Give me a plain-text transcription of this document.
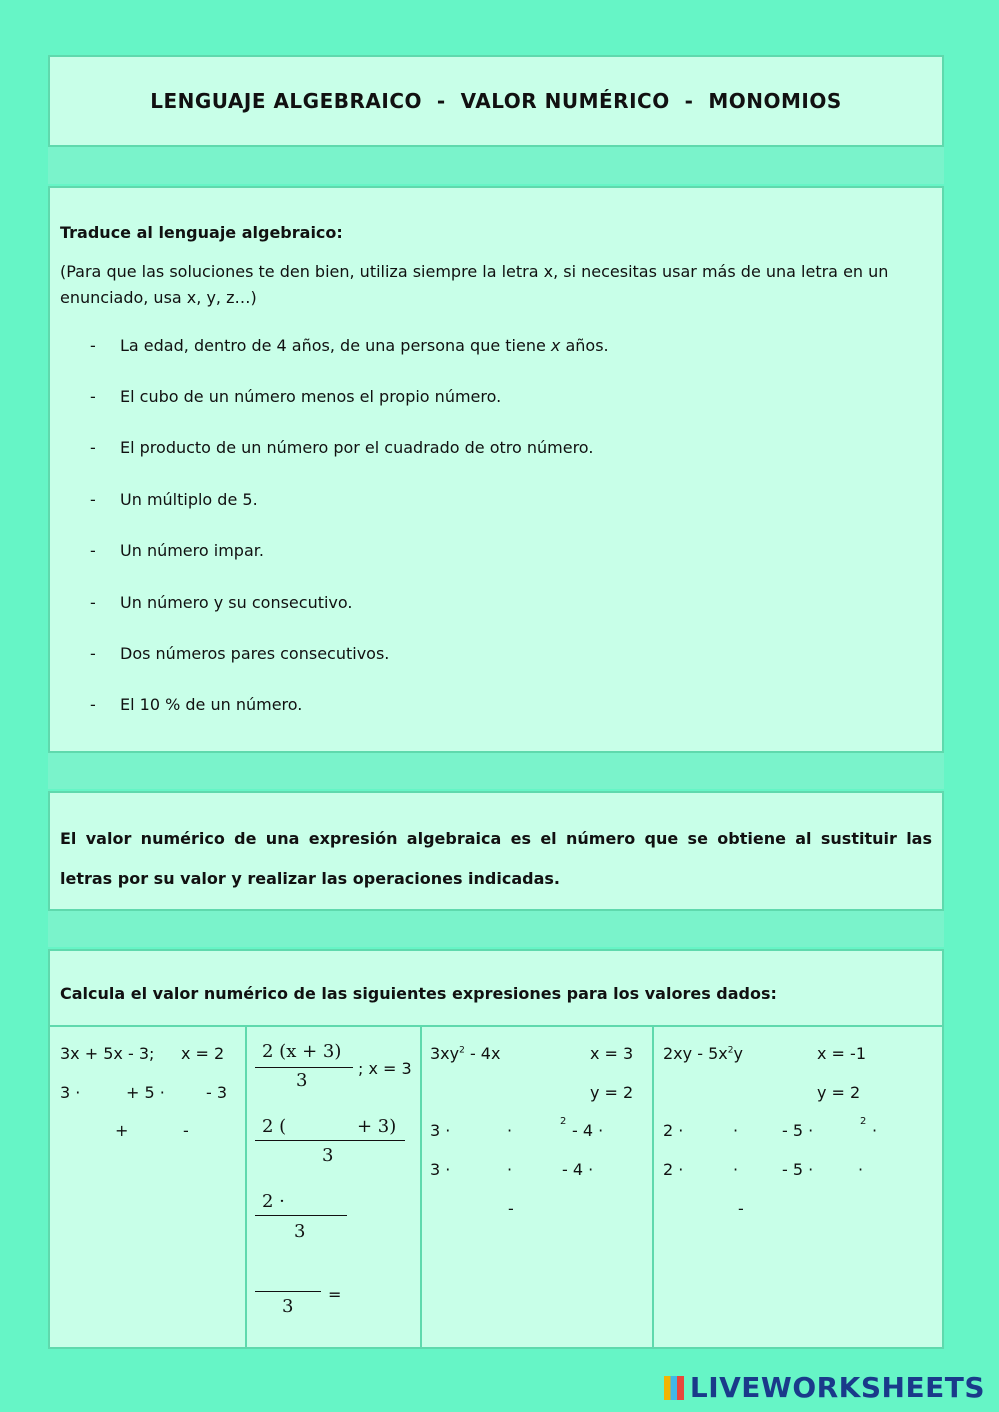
LENGUAJE ALGEBRAICO  -  VALOR NUMÉRICO  -  MONOMIOS
Traduce al lenguaje algebraico:
(Para que las soluciones te den bien, utiliza siempre la letra x, si necesitas usar más de una letra en un enunciado, usa x, y, z…)
- La edad, dentro de 4 años, de una persona que tiene x años.
- El cubo de un número menos el propio número.
- El producto de un número por el cuadrado de otro número.
- Un múltiplo de 5.
- Un número impar.
- Un número y su consecutivo.
- Dos números pares consecutivos.
- El 10 % de un número.
El valor numérico de una expresión algebraica es el número que se obtiene al sustituir las letras por su valor y realizar las operaciones indicadas.
Calcula el valor numérico de las siguientes expresiones para los valores dados:
3x + 5x - 3; x = 2
3 ·	+ 5 ·	- 3
+	-
2 (x + 3)
3
; x = 3
2 (	+ 3)
3
2 ·
3
3
=
$3xy^2 - 4x$	x = 3
y = 2
3 ·	·	2 - 4 ·
3 ·	·	- 4 ·
-
$2xy - 5x^2y$	x = -1
y = 2
2 ·	·	- 5 ·	2 ·
2 ·	·	- 5 ·	·
-
LIVEWORKSHEETS
